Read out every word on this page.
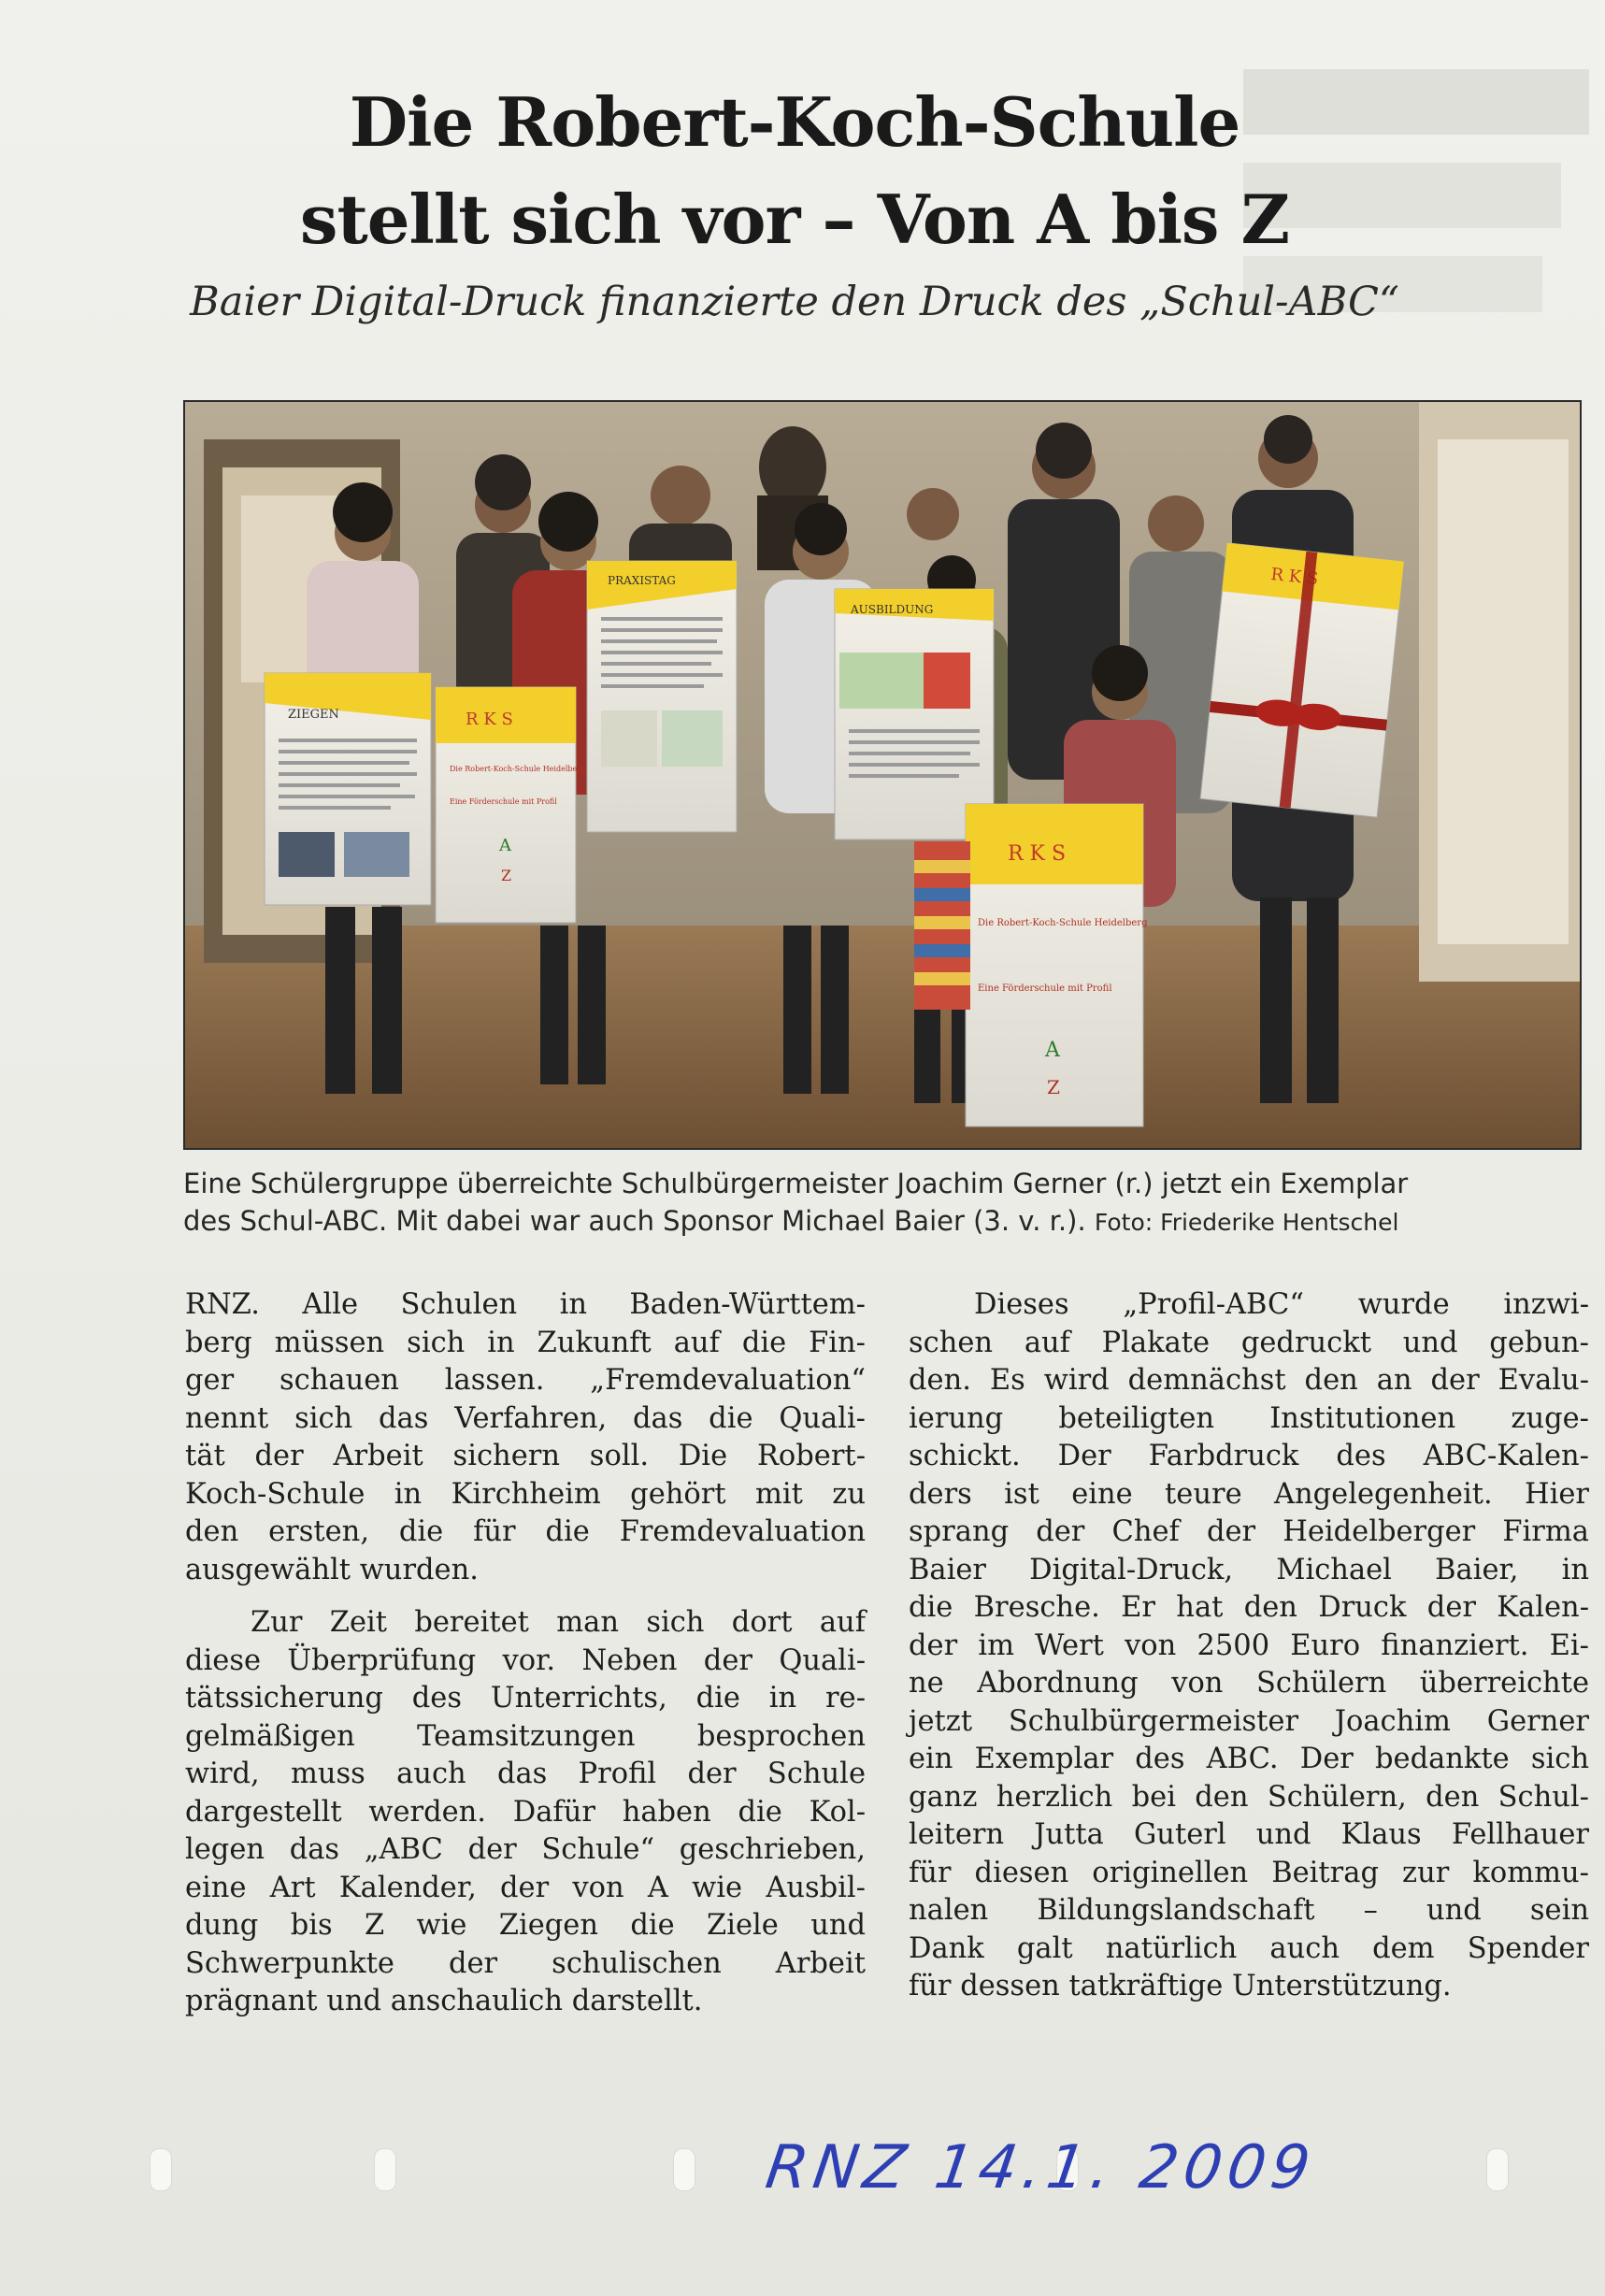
Die Robert-Koch-Schule
stellt sich vor – Von A bis Z
Baier Digital-Druck finanzierte den Druck des „Schul-ABC“
ZIEGEN	R K S
Die Robert-Koch-Schule Heidelberg
Eine Förderschule mit Profil
A
Z
PRAXISTAG
AUSBILDUNG
R K S
Die Robert-Koch-Schule Heidelberg
Eine Förderschule mit Profil
A
Z
R K S
Eine Schülergruppe überreichte Schulbürgermeister Joachim Gerner (r.) jetzt ein Exemplar
des Schul-ABC. Mit dabei war auch Sponsor Michael Baier (3. v. r.). Foto: Friederike Hentschel
RNZ. Alle Schulen in Baden-Württem-
berg müssen sich in Zukunft auf die Fin-
ger schauen lassen. „Fremdevaluation“
nennt sich das Verfahren, das die Quali-
tät der Arbeit sichern soll. Die Robert-
Koch-Schule in Kirchheim gehört mit zu
den ersten, die für die Fremdevaluation
ausgewählt wurden.
Zur Zeit bereitet man sich dort auf
diese Überprüfung vor. Neben der Quali-
tätssicherung des Unterrichts, die in re-
gelmäßigen Teamsitzungen besprochen
wird, muss auch das Profil der Schule
dargestellt werden. Dafür haben die Kol-
legen das „ABC der Schule“ geschrieben,
eine Art Kalender, der von A wie Ausbil-
dung bis Z wie Ziegen die Ziele und
Schwerpunkte der schulischen Arbeit
prägnant und anschaulich darstellt.
Dieses „Profil-ABC“ wurde inzwi-
schen auf Plakate gedruckt und gebun-
den. Es wird demnächst den an der Evalu-
ierung beteiligten Institutionen zuge-
schickt. Der Farbdruck des ABC-Kalen-
ders ist eine teure Angelegenheit. Hier
sprang der Chef der Heidelberger Firma
Baier Digital-Druck, Michael Baier, in
die Bresche. Er hat den Druck der Kalen-
der im Wert von 2500 Euro finanziert. Ei-
ne Abordnung von Schülern überreichte
jetzt Schulbürgermeister Joachim Gerner
ein Exemplar des ABC. Der bedankte sich
ganz herzlich bei den Schülern, den Schul-
leitern Jutta Guterl und Klaus Fellhauer
für diesen originellen Beitrag zur kommu-
nalen Bildungslandschaft – und sein
Dank galt natürlich auch dem Spender
für dessen tatkräftige Unterstützung.
RNZ 14.1. 2009
